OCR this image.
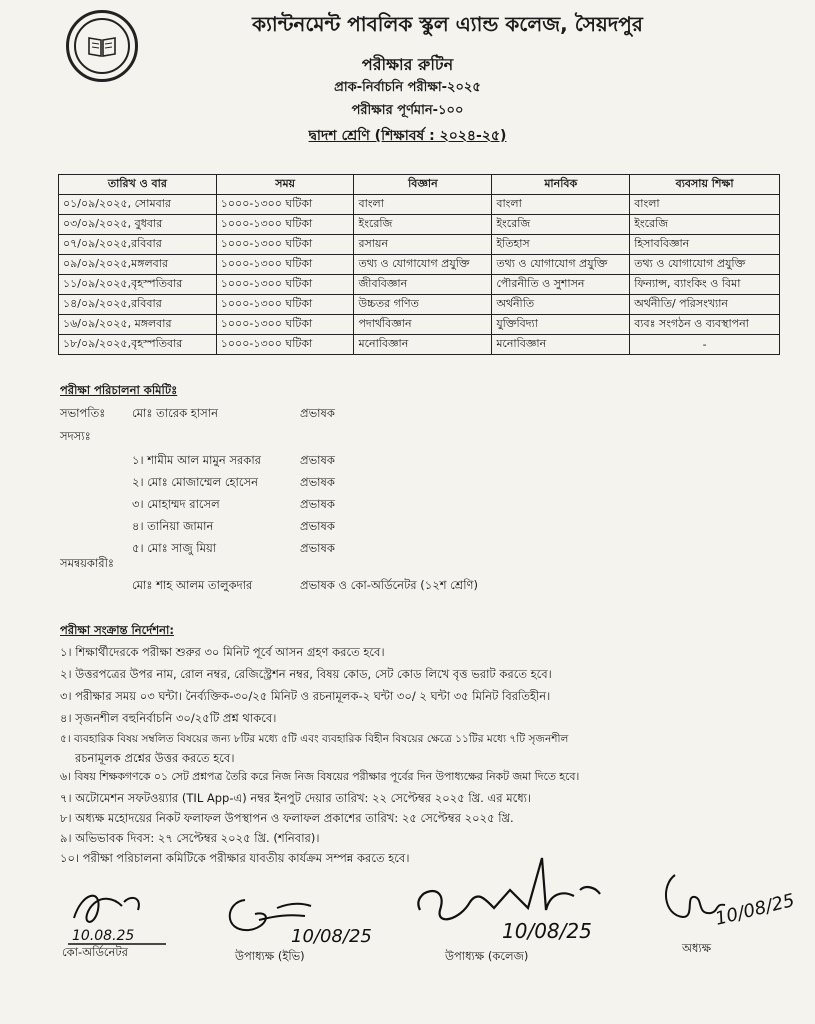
ক্যান্টনমেন্ট পাবলিক স্কুল এ্যান্ড কলেজ, সৈয়দপুর
পরীক্ষার রুটিন
প্রাক-নির্বাচনি পরীক্ষা-২০২৫
পরীক্ষার পূর্ণমান-১০০
দ্বাদশ শ্রেণি (শিক্ষাবর্ষ : ২০২৪-২৫)
তারিখ ও বার	সময়	বিজ্ঞান	মানবিক	ব্যবসায় শিক্ষা
০১/০৯/২০২৫, সোমবার	১০০০-১৩০০ ঘটিকা	বাংলা	বাংলা	বাংলা
০৩/০৯/২০২৫, বুধবার	১০০০-১৩০০ ঘটিকা	ইংরেজি	ইংরেজি	ইংরেজি
০৭/০৯/২০২৫,রবিবার	১০০০-১৩০০ ঘটিকা	রসায়ন	ইতিহাস	হিসাববিজ্ঞান
০৯/০৯/২০২৫,মঙ্গলবার	১০০০-১৩০০ ঘটিকা	তথ্য ও যোগাযোগ প্রযুক্তি	তথ্য ও যোগাযোগ প্রযুক্তি	তথ্য ও যোগাযোগ প্রযুক্তি
১১/০৯/২০২৫,বৃহস্পতিবার	১০০০-১৩০০ ঘটিকা	জীববিজ্ঞান	পৌরনীতি ও সুশাসন	ফিন্যান্স, ব্যাংকিং ও বিমা
১৪/০৯/২০২৫,রবিবার	১০০০-১৩০০ ঘটিকা	উচ্চতর গণিত	অর্থনীতি	অর্থনীতি/ পরিসংখ্যান
১৬/০৯/২০২৫, মঙ্গলবার	১০০০-১৩০০ ঘটিকা	পদার্থবিজ্ঞান	যুক্তিবিদ্যা	ব্যবঃ সংগঠন ও ব্যবস্থাপনা
১৮/০৯/২০২৫,বৃহস্পতিবার	১০০০-১৩০০ ঘটিকা	মনোবিজ্ঞান	মনোবিজ্ঞান	-
পরীক্ষা পরিচালনা কমিটিঃ
সভাপতিঃ মোঃ তারেক হাসান	প্রভাষক
সদস্যঃ
১। শামীম আল মামুন সরকার	প্রভাষক
২। মোঃ মোজাম্মেল হোসেন	প্রভাষক
৩। মোহাম্মদ রাসেল	প্রভাষক
৪। তানিয়া জামান	প্রভাষক
৫। মোঃ সাজু মিয়া	প্রভাষক
সমন্বয়কারীঃ
মোঃ শাহ আলম তালুকদার	প্রভাষক ও কো-অর্ডিনেটর (১২শ শ্রেণি)
পরীক্ষা সংক্রান্ত নির্দেশনা:
১। শিক্ষার্থীদেরকে পরীক্ষা শুরুর ৩০ মিনিট পূর্বে আসন গ্রহণ করতে হবে।
২। উত্তরপত্রের উপর নাম, রোল নম্বর, রেজিস্ট্রেশন নম্বর, বিষয় কোড, সেট কোড লিখে বৃত্ত ভরাট করতে হবে।
৩। পরীক্ষার সময় ০৩ ঘন্টা। নৈর্ব্যক্তিক-৩০/২৫ মিনিট ও রচনামূলক-২ ঘন্টা ৩০/ ২ ঘন্টা ৩৫ মিনিট বিরতিহীন।
৪। সৃজনশীল বহুনির্বাচনি ৩০/২৫টি প্রশ্ন থাকবে।
৫। ব্যবহারিক বিষয় সম্বলিত বিষয়ের জন্য ৮টির মধ্যে ৫টি এবং ব্যবহারিক বিহীন বিষয়ের ক্ষেত্রে ১১টির মধ্যে ৭টি সৃজনশীল
রচনামূলক প্রশ্নের উত্তর করতে হবে।
৬। বিষয় শিক্ষকগণকে ০১ সেট প্রশ্নপত্র তৈরি করে নিজ নিজ বিষয়ের পরীক্ষার পূর্বের দিন উপাধ্যক্ষের নিকট জমা দিতে হবে।
৭। অটোমেশন সফটওয়্যার (TIL App-এ) নম্বর ইনপুট দেয়ার তারিখ: ২২ সেপ্টেম্বর ২০২৫ খ্রি. এর মধ্যে।
৮। অধ্যক্ষ মহোদয়ের নিকট ফলাফল উপস্থাপন ও ফলাফল প্রকাশের তারিখ: ২৫ সেপ্টেম্বর ২০২৫ খ্রি.
৯। অভিভাবক দিবস: ২৭ সেপ্টেম্বর ২০২৫ খ্রি. (শনিবার)।
১০। পরীক্ষা পরিচালনা কমিটিকে পরীক্ষার যাবতীয় কার্যক্রম সম্পন্ন করতে হবে।
10.08.25	10/08/25	10/08/25
10/08/25
কো-অর্ডিনেটর	উপাধ্যক্ষ (ইভি)	উপাধ্যক্ষ (কলেজ)
অধ্যক্ষ
